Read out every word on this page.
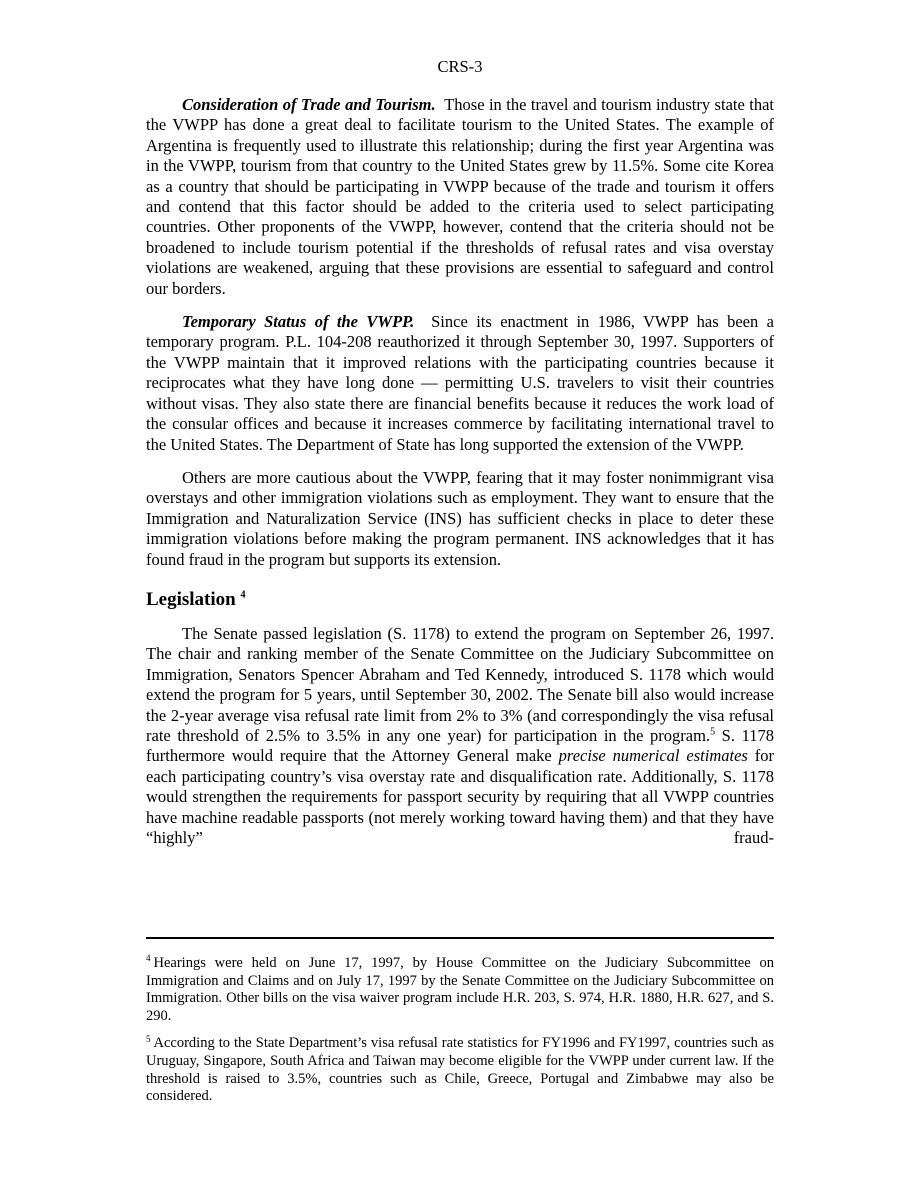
CRS-3

Consideration of Trade and Tourism. Those in the travel and tourism industry state that the VWPP has done a great deal to facilitate tourism to the United States. The example of Argentina is frequently used to illustrate this relationship; during the first year Argentina was in the VWPP, tourism from that country to the United States grew by 11.5%. Some cite Korea as a country that should be participating in VWPP because of the trade and tourism it offers and contend that this factor should be added to the criteria used to select participating countries. Other proponents of the VWPP, however, contend that the criteria should not be broadened to include tourism potential if the thresholds of refusal rates and visa overstay violations are weakened, arguing that these provisions are essential to safeguard and control our borders.

Temporary Status of the VWPP. Since its enactment in 1986, VWPP has been a temporary program. P.L. 104-208 reauthorized it through September 30, 1997. Supporters of the VWPP maintain that it improved relations with the participating countries because it reciprocates what they have long done — permitting U.S. travelers to visit their countries without visas. They also state there are financial benefits because it reduces the work load of the consular offices and because it increases commerce by facilitating international travel to the United States. The Department of State has long supported the extension of the VWPP.

Others are more cautious about the VWPP, fearing that it may foster nonimmigrant visa overstays and other immigration violations such as employment. They want to ensure that the Immigration and Naturalization Service (INS) has sufficient checks in place to deter these immigration violations before making the program permanent. INS acknowledges that it has found fraud in the program but supports its extension.

Legislation $^4$

The Senate passed legislation (S. 1178) to extend the program on September 26, 1997. The chair and ranking member of the Senate Committee on the Judiciary Subcommittee on Immigration, Senators Spencer Abraham and Ted Kennedy, introduced S. 1178 which would extend the program for 5 years, until September 30, 2002. The Senate bill also would increase the 2-year average visa refusal rate limit from 2% to 3% (and correspondingly the visa refusal rate threshold of 2.5% to 3.5% in any one year) for participation in the program.$^5$ S. 1178 furthermore would require that the Attorney General make precise numerical estimates for each participating country’s visa overstay rate and disqualification rate. Additionally, S. 1178 would strengthen the requirements for passport security by requiring that all VWPP countries have machine readable passports (not merely working toward having them) and that they have “highly” fraud-

$^4$ Hearings were held on June 17, 1997, by House Committee on the Judiciary Subcommittee on Immigration and Claims and on July 17, 1997 by the Senate Committee on the Judiciary Subcommittee on Immigration. Other bills on the visa waiver program include H.R. 203, S. 974, H.R. 1880, H.R. 627, and S. 290.

$^5$ According to the State Department’s visa refusal rate statistics for FY1996 and FY1997, countries such as Uruguay, Singapore, South Africa and Taiwan may become eligible for the VWPP under current law. If the threshold is raised to 3.5%, countries such as Chile, Greece, Portugal and Zimbabwe may also be considered.
